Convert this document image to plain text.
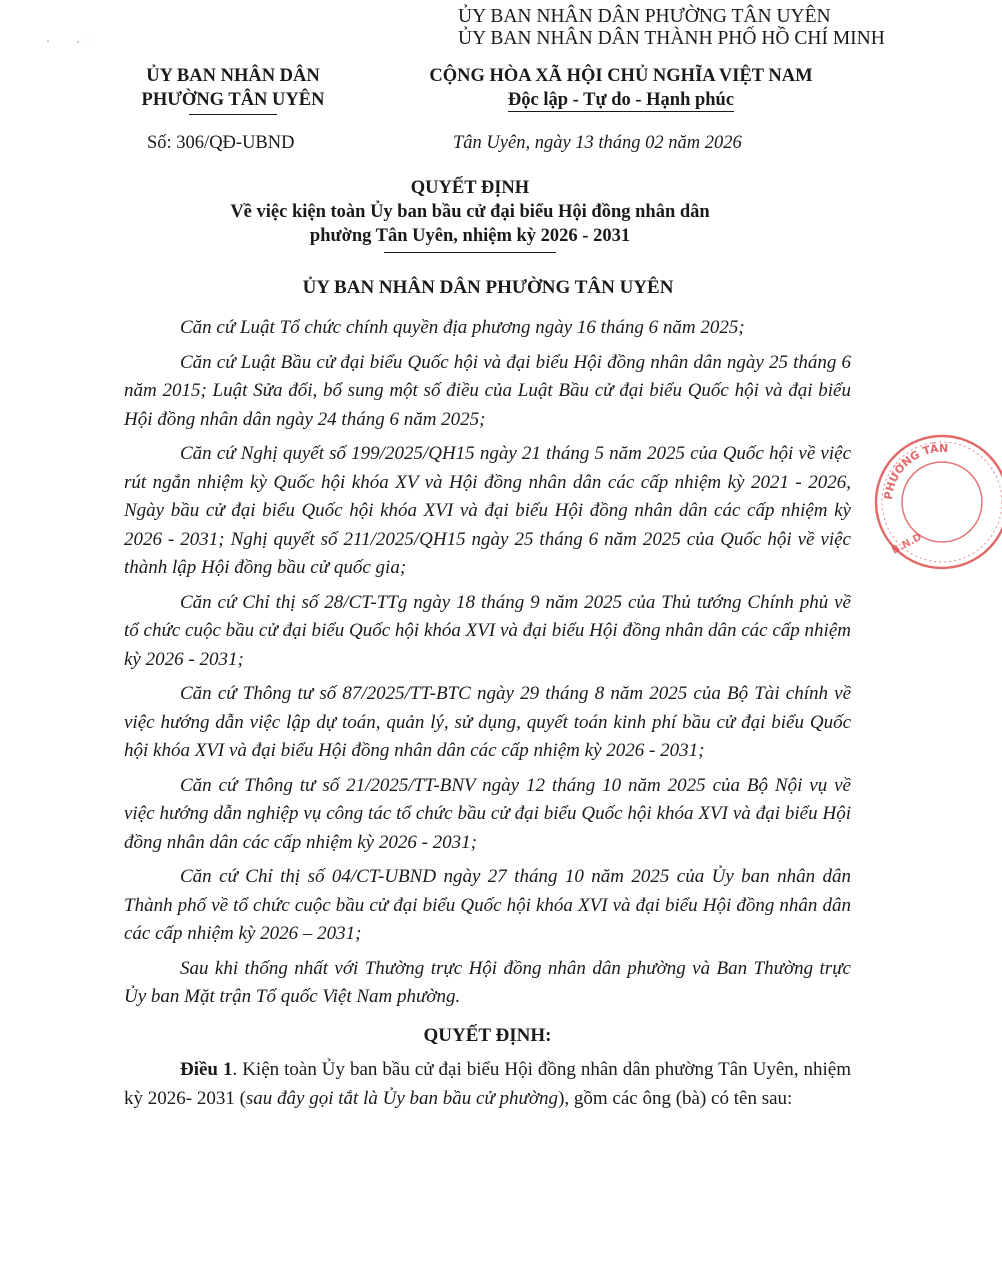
ỦY BAN NHÂN DÂN PHƯỜNG TÂN UYÊN
ỦY BAN NHÂN DÂN THÀNH PHỐ HỒ CHÍ MINH
ỦY BAN NHÂN DÂN
PHƯỜNG TÂN UYÊN
CỘNG HÒA XÃ HỘI CHỦ NGHĨA VIỆT NAM
Độc lập - Tự do - Hạnh phúc
Số: 306/QĐ-UBND	Tân Uyên, ngày 13 tháng 02 năm 2026
QUYẾT ĐỊNH
Về việc kiện toàn Ủy ban bầu cử đại biểu Hội đồng nhân dân
phường Tân Uyên, nhiệm kỳ 2026 - 2031
ỦY BAN NHÂN DÂN PHƯỜNG TÂN UYÊN

Căn cứ Luật Tổ chức chính quyền địa phương ngày 16 tháng 6 năm 2025;

Căn cứ Luật Bầu cử đại biểu Quốc hội và đại biểu Hội đồng nhân dân ngày 25 tháng 6 năm 2015; Luật Sửa đổi, bổ sung một số điều của Luật Bầu cử đại biểu Quốc hội và đại biểu Hội đồng nhân dân ngày 24 tháng 6 năm 2025;

Căn cứ Nghị quyết số 199/2025/QH15 ngày 21 tháng 5 năm 2025 của Quốc hội về việc rút ngắn nhiệm kỳ Quốc hội khóa XV và Hội đồng nhân dân các cấp nhiệm kỳ 2021 - 2026, Ngày bầu cử đại biểu Quốc hội khóa XVI và đại biểu Hội đồng nhân dân các cấp nhiệm kỳ 2026 - 2031; Nghị quyết số 211/2025/QH15 ngày 25 tháng 6 năm 2025 của Quốc hội về việc thành lập Hội đồng bầu cử quốc gia;

Căn cứ Chỉ thị số 28/CT-TTg ngày 18 tháng 9 năm 2025 của Thủ tướng Chính phủ về tổ chức cuộc bầu cử đại biểu Quốc hội khóa XVI và đại biểu Hội đồng nhân dân các cấp nhiệm kỳ 2026 - 2031;

Căn cứ Thông tư số 87/2025/TT-BTC ngày 29 tháng 8 năm 2025 của Bộ Tài chính về việc hướng dẫn việc lập dự toán, quản lý, sử dụng, quyết toán kinh phí bầu cử đại biểu Quốc hội khóa XVI và đại biểu Hội đồng nhân dân các cấp nhiệm kỳ 2026 - 2031;

Căn cứ Thông tư số 21/2025/TT-BNV ngày 12 tháng 10 năm 2025 của Bộ Nội vụ về việc hướng dẫn nghiệp vụ công tác tổ chức bầu cử đại biểu Quốc hội khóa XVI và đại biểu Hội đồng nhân dân các cấp nhiệm kỳ 2026 - 2031;

Căn cứ Chỉ thị số 04/CT-UBND ngày 27 tháng 10 năm 2025 của Ủy ban nhân dân Thành phố về tổ chức cuộc bầu cử đại biểu Quốc hội khóa XVI và đại biểu Hội đồng nhân dân các cấp nhiệm kỳ 2026 – 2031;

Sau khi thống nhất với Thường trực Hội đồng nhân dân phường và Ban Thường trực Ủy ban Mặt trận Tổ quốc Việt Nam phường.

QUYẾT ĐỊNH:

Điều 1. Kiện toàn Ủy ban bầu cử đại biểu Hội đồng nhân dân phường Tân Uyên, nhiệm kỳ 2026- 2031 (sau đây gọi tắt là Ủy ban bầu cử phường), gồm các ông (bà) có tên sau:

PHƯỜNG TÂN
B.N.D
